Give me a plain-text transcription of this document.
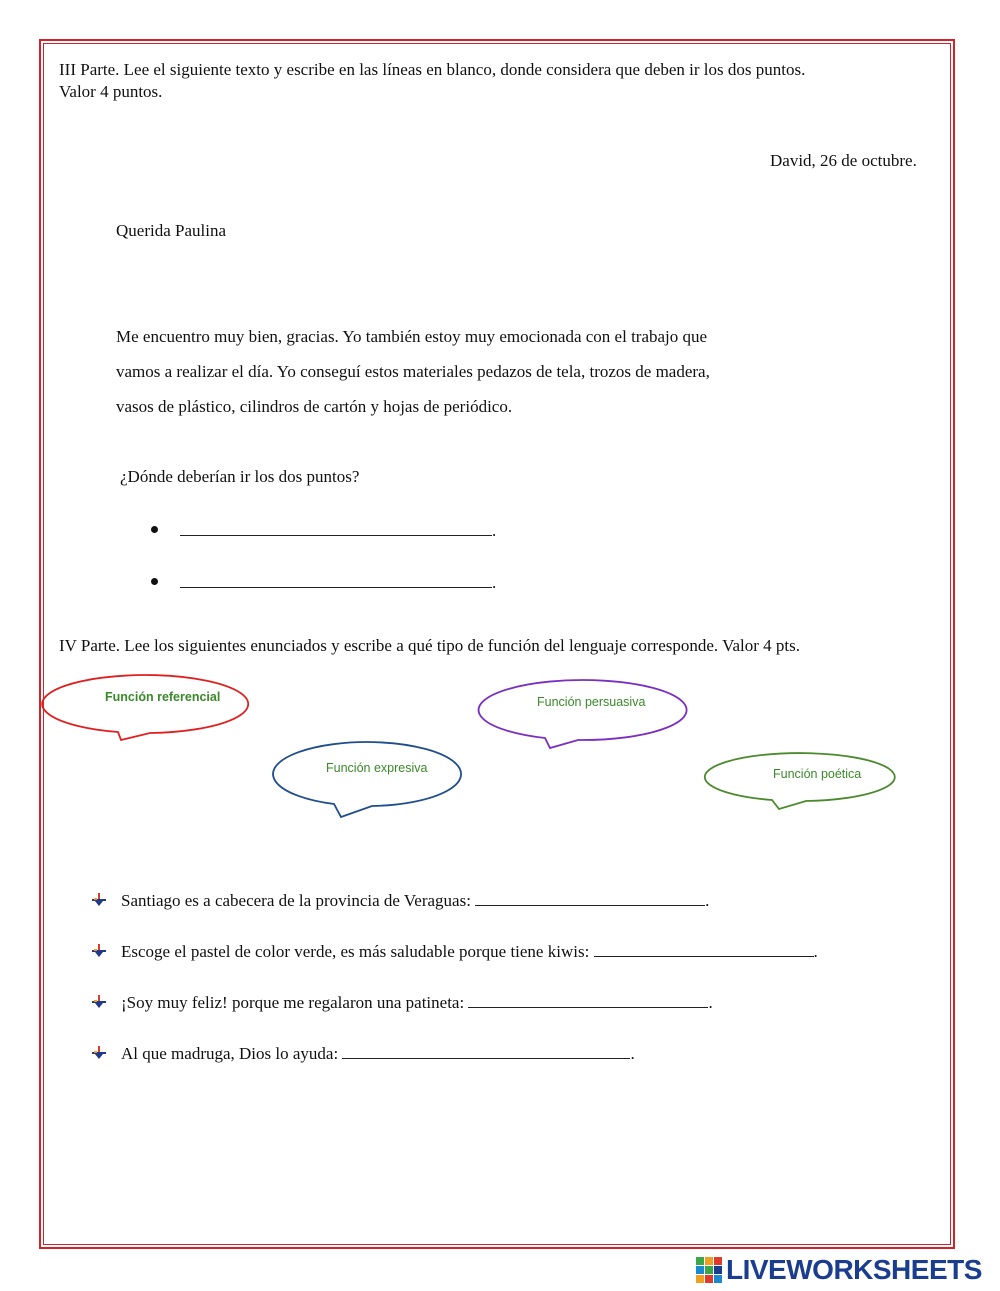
III Parte. Lee el siguiente texto y escribe en las líneas en blanco, donde considera que deben ir los dos puntos.
Valor 4 puntos.
David, 26 de octubre.
Querida Paulina
Me encuentro muy bien, gracias. Yo también estoy muy emocionada con el trabajo que
vamos a realizar el día. Yo conseguí estos materiales pedazos de tela, trozos de madera,
vasos de plástico, cilindros de cartón y hojas de periódico.
¿Dónde deberían ir los dos puntos?
.
.
IV Parte. Lee los siguientes enunciados y escribe a qué tipo de función del lenguaje corresponde. Valor 4 pts.
Función referencial	Función persuasiva
Función expresiva	Función poética
Santiago es a cabecera de la provincia de Veraguas:	.
Escoge el pastel de color verde, es más saludable porque tiene kiwis:	.
¡Soy muy feliz! porque me regalaron una patineta:	.
Al que madruga, Dios lo ayuda:	.
LIVEWORKSHEETS
